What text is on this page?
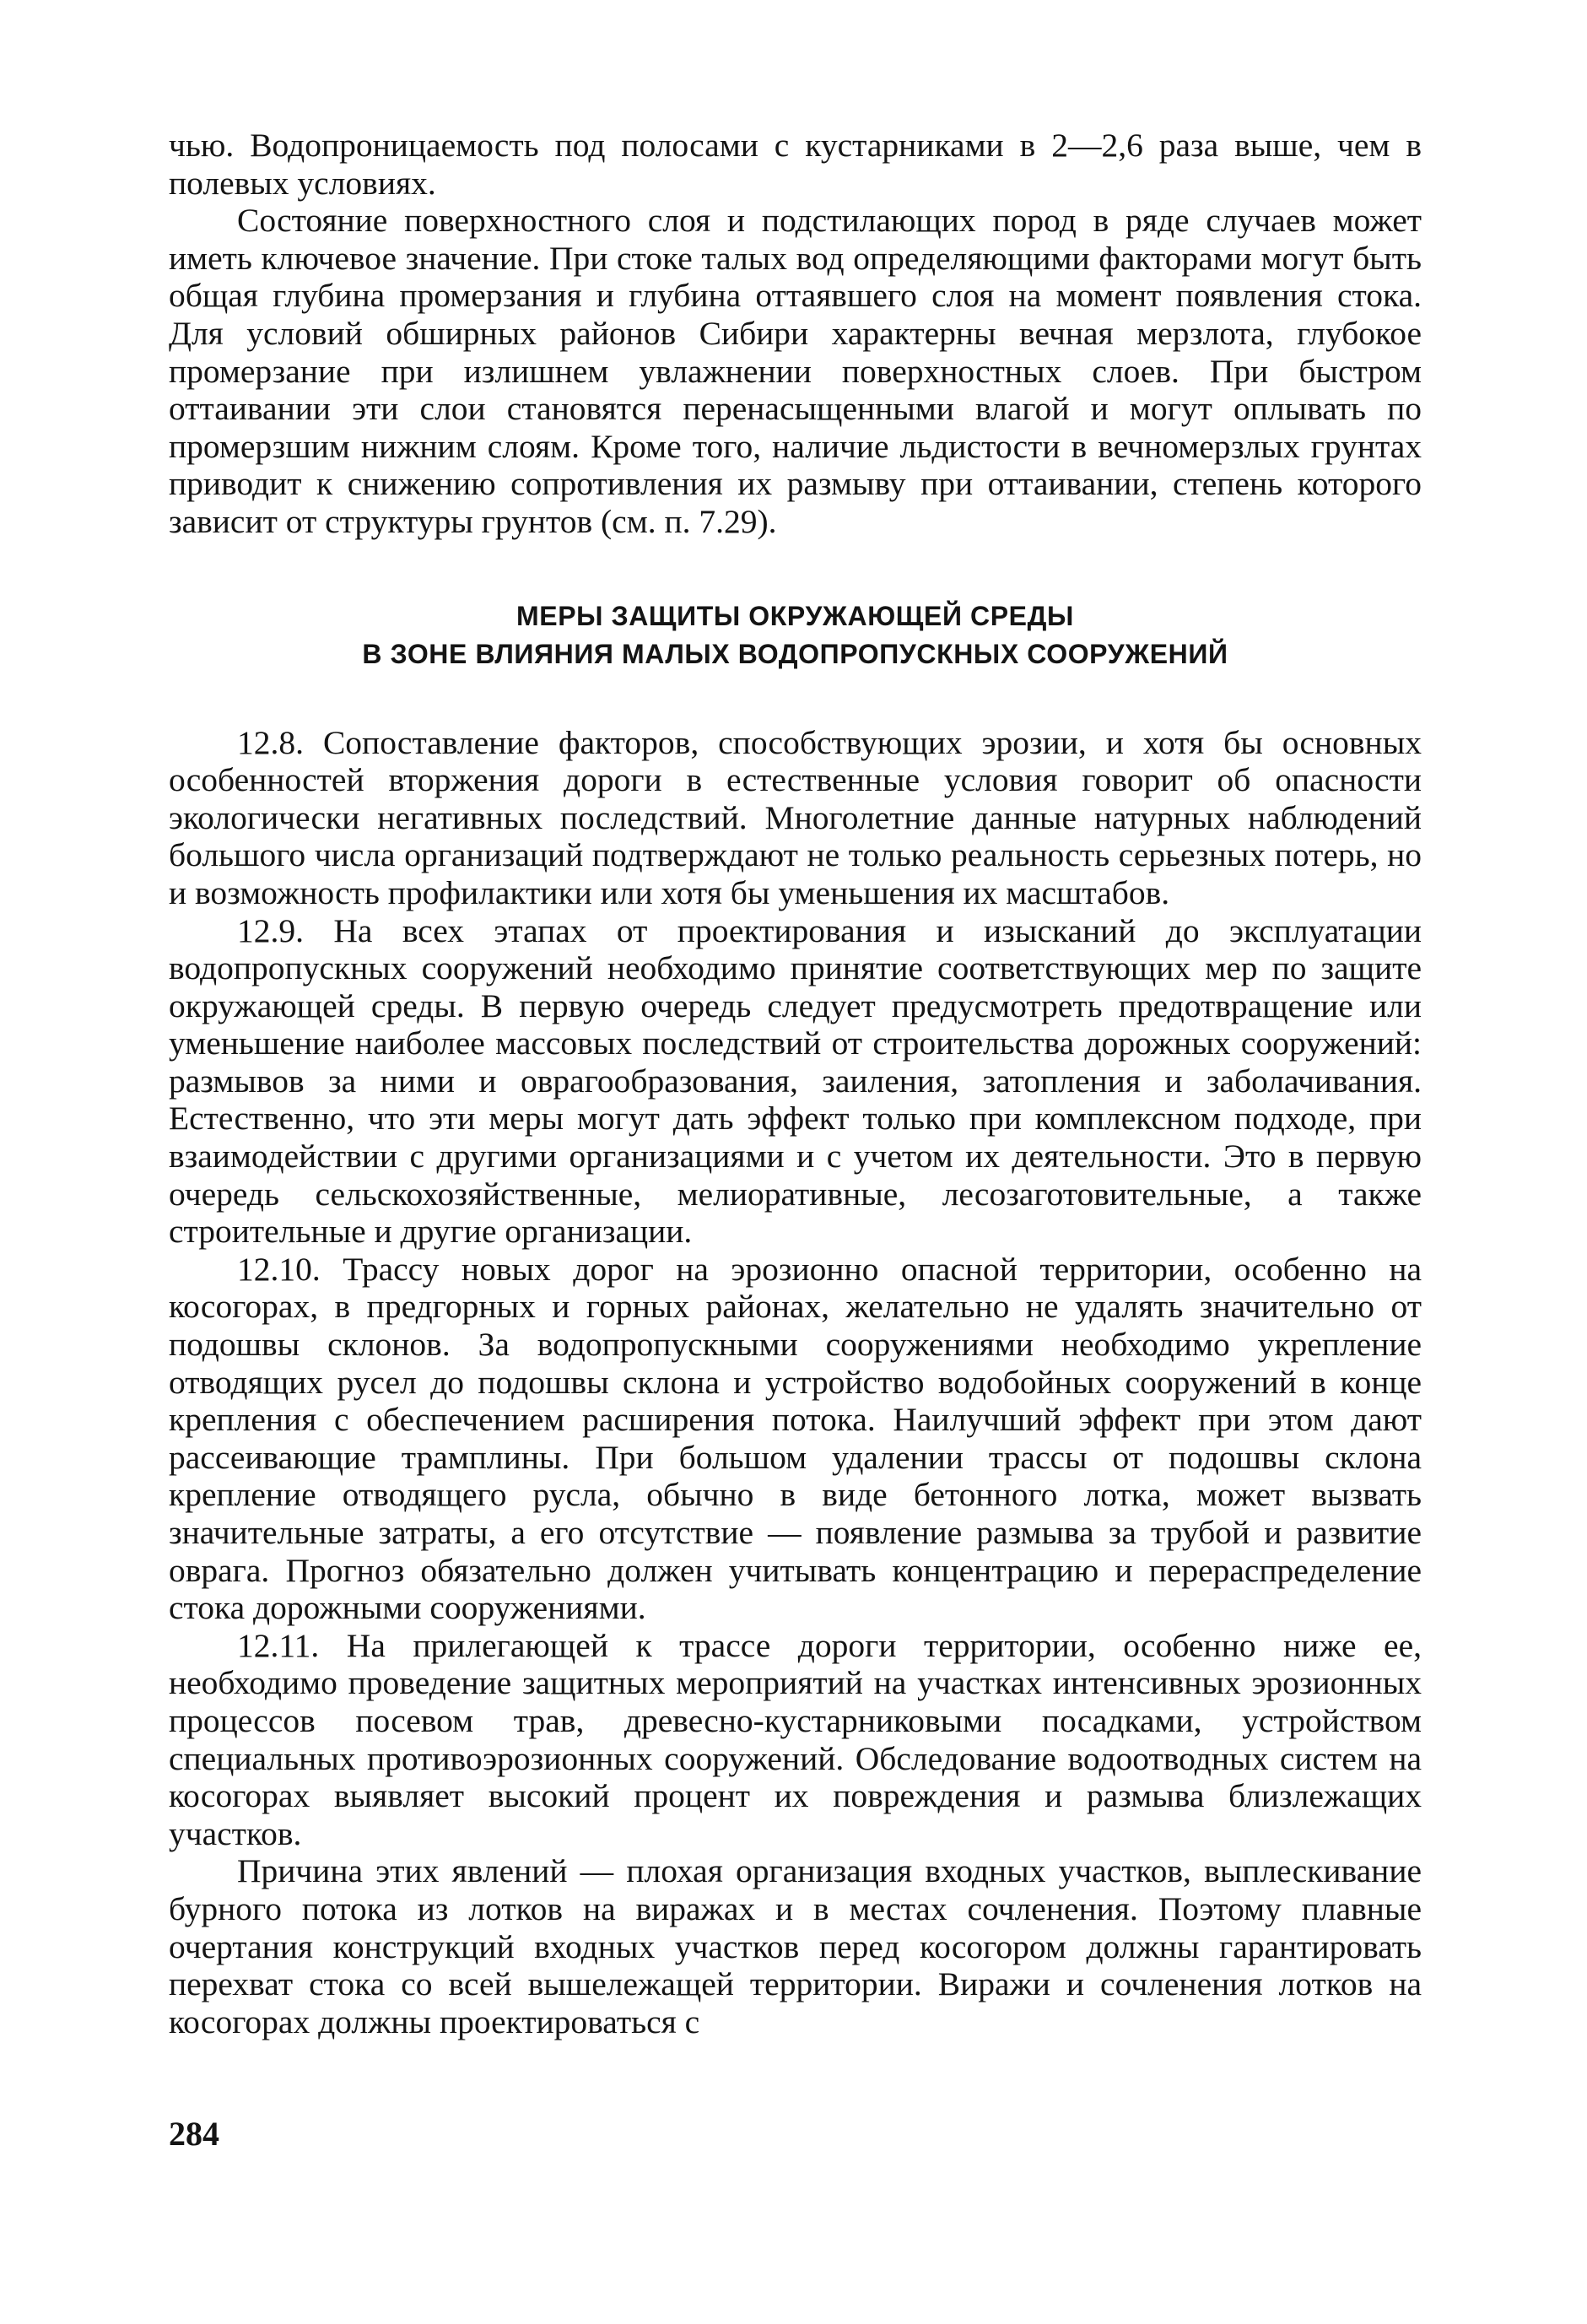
чью. Водопроницаемость под полосами с кустарниками в 2—2,6 раза выше, чем в полевых условиях.

Состояние поверхностного слоя и подстилающих пород в ряде случаев может иметь ключевое значение. При стоке талых вод определяющими факторами могут быть общая глубина промерзания и глубина оттаявшего слоя на момент появления стока. Для условий обширных районов Сибири характерны вечная мерзлота, глубокое промерзание при излишнем увлажнении поверхностных слоев. При быстром оттаивании эти слои становятся перенасыщенными влагой и могут оплывать по промерзшим нижним слоям. Кроме того, наличие льдистости в вечномерзлых грунтах приводит к снижению сопротивления их размыву при оттаивании, степень которого зависит от структуры грунтов (см. п. 7.29).

МЕРЫ ЗАЩИТЫ ОКРУЖАЮЩЕЙ СРЕДЫ
В ЗОНЕ ВЛИЯНИЯ МАЛЫХ ВОДОПРОПУСКНЫХ СООРУЖЕНИЙ

12.8. Сопоставление факторов, способствующих эрозии, и хотя бы основных особенностей вторжения дороги в естественные условия говорит об опасности экологически негативных последствий. Многолетние данные натурных наблюдений большого числа организаций подтверждают не только реальность серьезных потерь, но и возможность профилактики или хотя бы уменьшения их масштабов.

12.9. На всех этапах от проектирования и изысканий до эксплуатации водопропускных сооружений необходимо принятие соответствующих мер по защите окружающей среды. В первую очередь следует предусмотреть предотвращение или уменьшение наиболее массовых последствий от строительства дорожных сооружений: размывов за ними и оврагообразования, заиления, затопления и заболачивания. Естественно, что эти меры могут дать эффект только при комплексном подходе, при взаимодействии с другими организациями и с учетом их деятельности. Это в первую очередь сельскохозяйственные, мелиоративные, лесозаготовительные, а также строительные и другие организации.

12.10. Трассу новых дорог на эрозионно опасной территории, особенно на косогорах, в предгорных и горных районах, желательно не удалять значительно от подошвы склонов. За водопропускными сооружениями необходимо укрепление отводящих русел до подошвы склона и устройство водобойных сооружений в конце крепления с обеспечением расширения потока. Наилучший эффект при этом дают рассеивающие трамплины. При большом удалении трассы от подошвы склона крепление отводящего русла, обычно в виде бетонного лотка, может вызвать значительные затраты, а его отсутствие — появление размыва за трубой и развитие оврага. Прогноз обязательно должен учитывать концентрацию и перераспределение стока дорожными сооружениями.

12.11. На прилегающей к трассе дороги территории, особенно ниже ее, необходимо проведение защитных мероприятий на участках интенсивных эрозионных процессов посевом трав, древесно-кустарниковыми посадками, устройством специальных противоэрозионных сооружений. Обследование водоотводных систем на косогорах выявляет высокий процент их повреждения и размыва близлежащих участков.

Причина этих явлений — плохая организация входных участков, выплескивание бурного потока из лотков на виражах и в местах сочленения. Поэтому плавные очертания конструкций входных участков перед косогором должны гарантировать перехват стока со всей вышележащей территории. Виражи и сочленения лотков на косогорах должны проектироваться с

284
